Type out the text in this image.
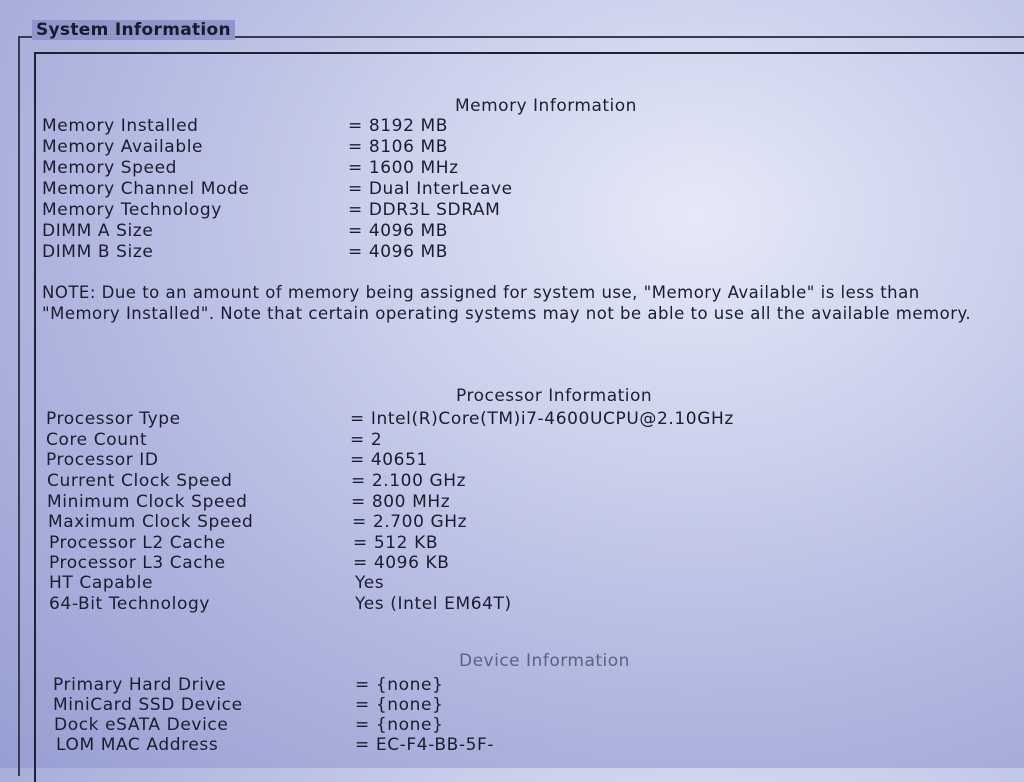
System Information
Memory Information
Memory Installed	= 8192 MB
Memory Available	= 8106 MB
Memory Speed	= 1600 MHz
Memory Channel Mode	= Dual InterLeave
Memory Technology	= DDR3L SDRAM
DIMM A Size	= 4096 MB
DIMM B Size	= 4096 MB
NOTE: Due to an amount of memory being assigned for system use, "Memory Available" is less than "Memory Installed". Note that certain operating systems may not be able to use all the available memory.
Processor Information
Processor Type	= Intel(R)Core(TM)i7-4600UCPU@2.10GHz
Core Count	= 2
Processor ID	= 40651
Current Clock Speed	= 2.100 GHz
Minimum Clock Speed	= 800 MHz
Maximum Clock Speed	= 2.700 GHz
Processor L2 Cache	= 512 KB
Processor L3 Cache	= 4096 KB
HT Capable	Yes
64-Bit Technology	Yes (Intel EM64T)
Device Information
Primary Hard Drive	= {none}
MiniCard SSD Device	= {none}
Dock eSATA Device	= {none}
LOM MAC Address	= EC-F4-BB-5F-B8-F0
